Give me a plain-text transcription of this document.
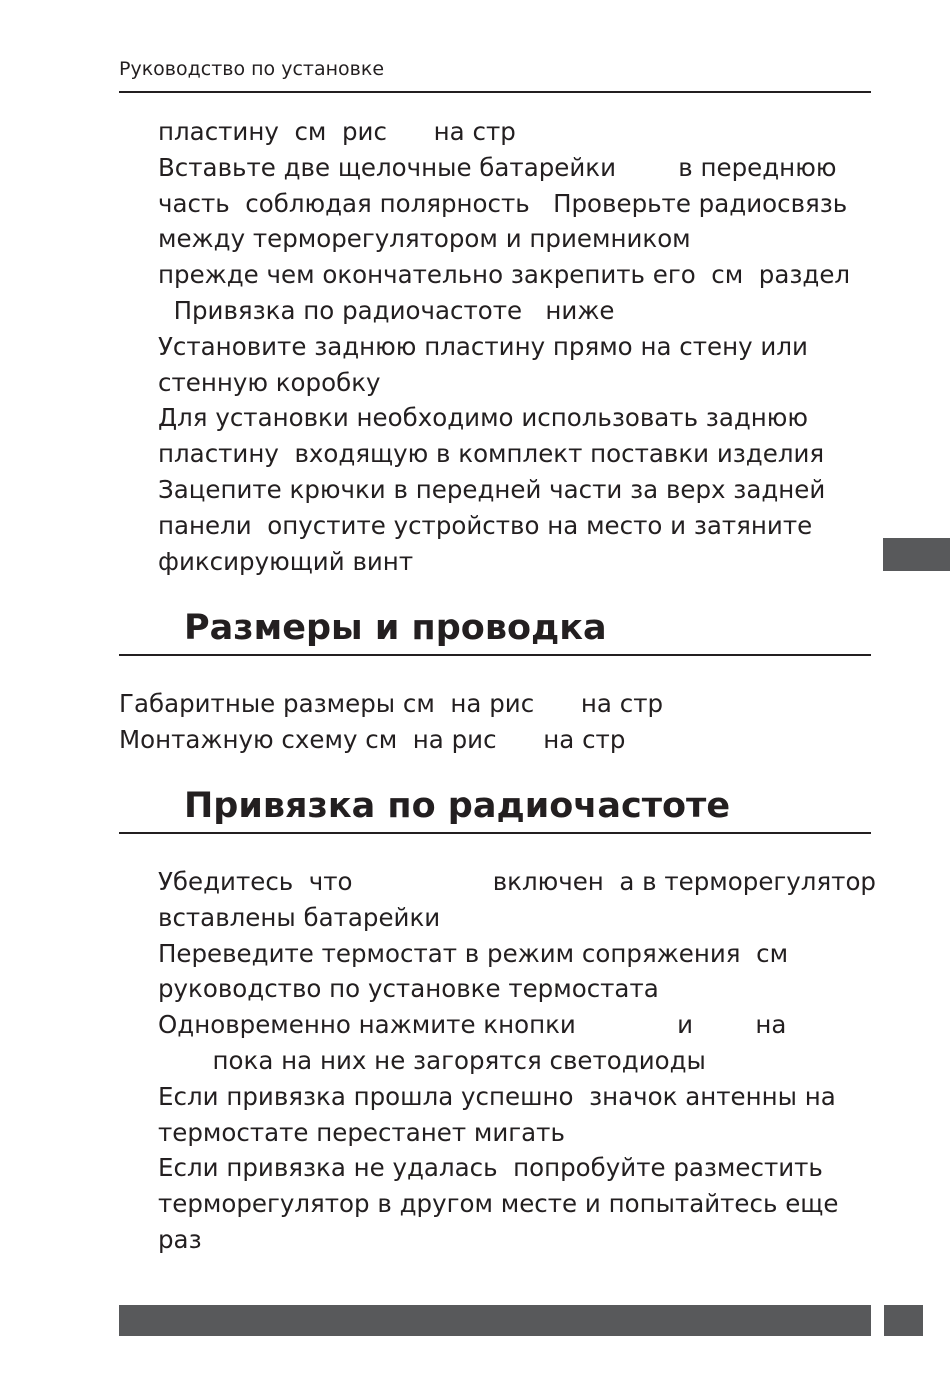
Руководство по установке
пластину  см  рис      на стр
Вставьте две щелочные батарейки        в переднюю
часть  соблюдая полярность   Проверьте радиосвязь
между терморегулятором и приемником
прежде чем окончательно закрепить его  см  раздел
Привязка по радиочастоте   ниже
Установите заднюю пластину прямо на стену или
стенную коробку
Для установки необходимо использовать заднюю
пластину  входящую в комплект поставки изделия
Зацепите крючки в передней части за верх задней
панели  опустите устройство на место и затяните
фиксирующий винт
Размеры и проводка
Габаритные размеры см  на рис      на стр
Монтажную схему см  на рис      на стр
Привязка по радиочастоте
Убедитесь  что                  включен  а в терморегулятор
вставлены батарейки
Переведите термостат в режим сопряжения  см
руководство по установке термостата
Одновременно нажмите кнопки             и        на
пока на них не загорятся светодиоды
Если привязка прошла успешно  значок антенны на
термостате перестанет мигать
Если привязка не удалась  попробуйте разместить
терморегулятор в другом месте и попытайтесь еще
раз
